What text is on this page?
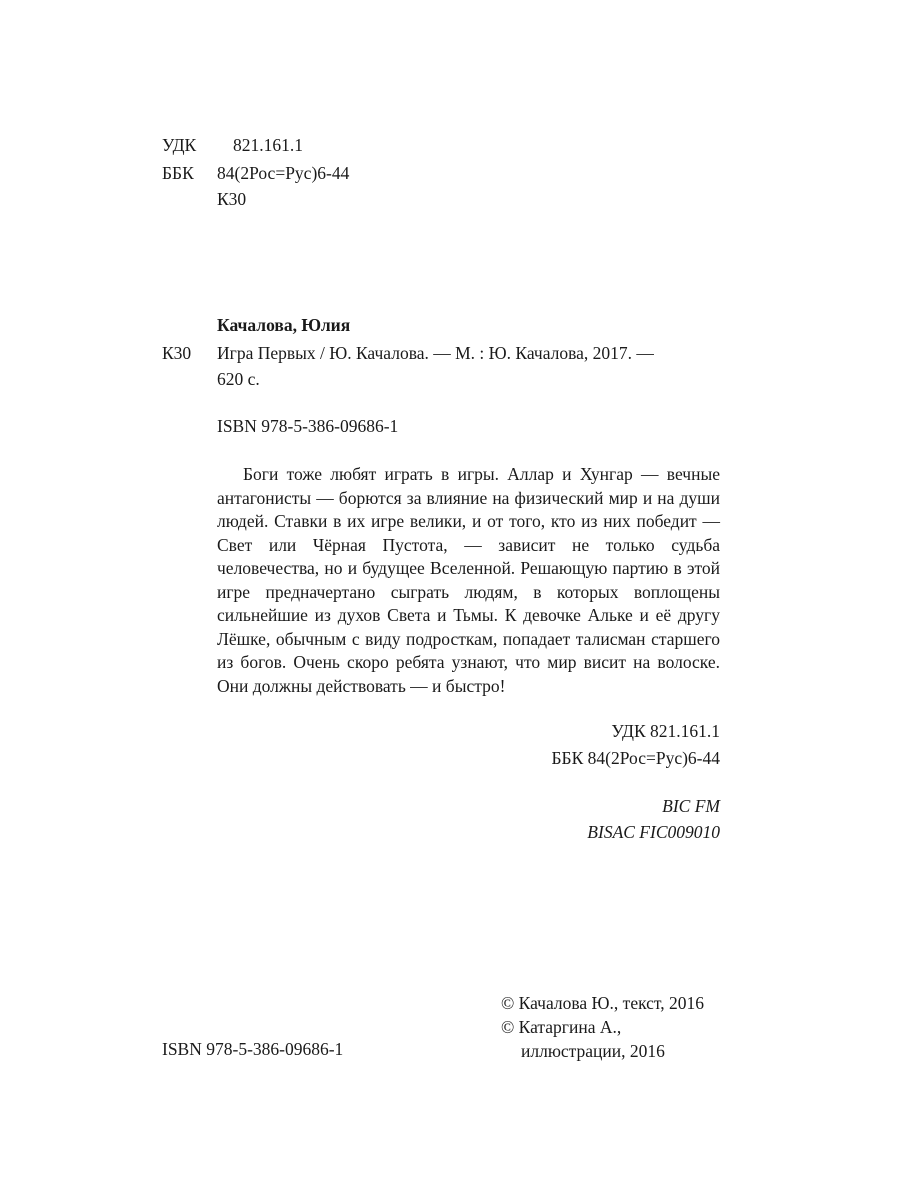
УДК 821.161.1
ББК 84(2Рос=Рус)6-44
К30
Качалова, Юлия
К30 Игра Первых / Ю. Качалова. — М. : Ю. Качалова, 2017. —
620 с.
ISBN 978-5-386-09686-1
Боги тоже любят играть в игры. Аллар и Хунгар — вечные антагонисты — борются за влияние на физический мир и на души людей. Ставки в их игре велики, и от того, кто из них победит — Свет или Чёрная Пустота, — зависит не только судьба человечества, но и будущее Вселенной. Решающую партию в этой игре предначертано сыграть людям, в которых воплощены сильнейшие из духов Света и Тьмы. К девочке Альке и её другу Лёшке, обычным с виду подросткам, попадает талисман старшего из богов. Очень скоро ребята узнают, что мир висит на волоске. Они должны действовать — и быстро!
УДК 821.161.1
ББК 84(2Рос=Рус)6-44
BIC FM
BISAC FIC009010
ISBN 978-5-386-09686-1
© Качалова Ю., текст, 2016
© Катаргина А.,
иллюстрации, 2016
